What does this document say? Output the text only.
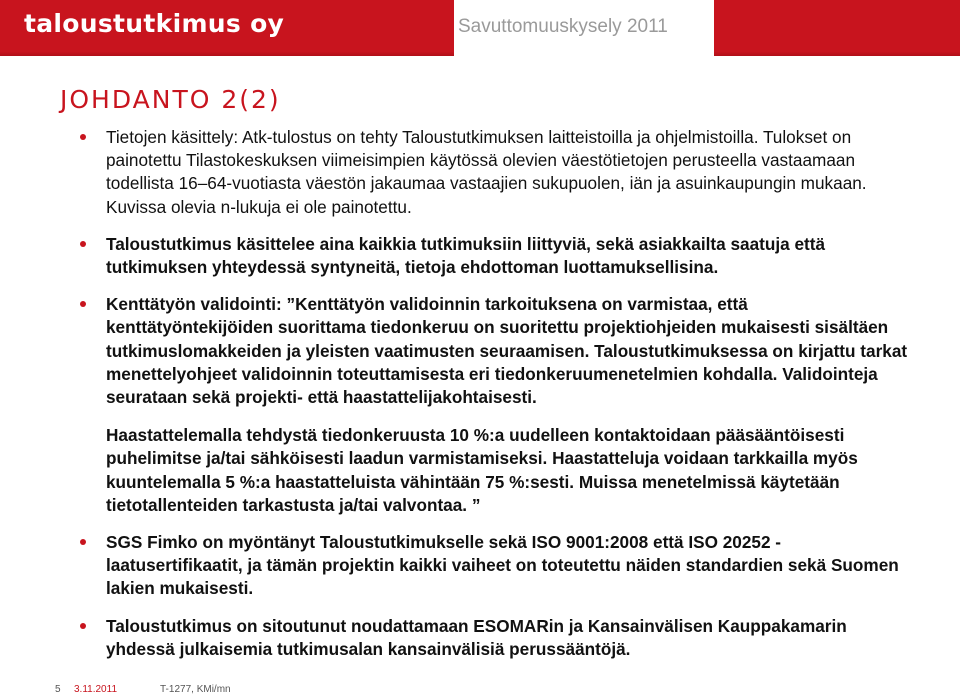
taloustutkimus oy	Savuttomuuskysely 2011
JOHDANTO 2(2)

Tietojen käsittely: Atk-tulostus on tehty Taloustutkimuksen laitteistoilla ja ohjelmistoilla. Tulokset on painotettu Tilastokeskuksen viimeisimpien käytössä olevien väestötietojen perusteella vastaamaan todellista 16–64-vuotiasta väestön jakaumaa vastaajien sukupuolen, iän ja asuinkaupungin mukaan. Kuvissa olevia n-lukuja ei ole painotettu.

Taloustutkimus käsittelee aina kaikkia tutkimuksiin liittyviä, sekä asiakkailta saatuja että tutkimuksen yhteydessä syntyneitä, tietoja ehdottoman luottamuksellisina.

Kenttätyön validointi: ”Kenttätyön validoinnin tarkoituksena on varmistaa, että kenttätyöntekijöiden suorittama tiedonkeruu on suoritettu projektiohjeiden mukaisesti sisältäen tutkimuslomakkeiden ja yleisten vaatimusten seuraamisen. Taloustutkimuksessa on kirjattu tarkat menettelyohjeet validoinnin toteuttamisesta eri tiedonkeruumenetelmien kohdalla. Validointeja seurataan sekä projekti- että haastattelijakohtaisesti.

Haastattelemalla tehdystä tiedonkeruusta 10 %:a uudelleen kontaktoidaan pääsääntöisesti puhelimitse ja/tai sähköisesti laadun varmistamiseksi. Haastatteluja voidaan tarkkailla myös kuuntelemalla 5 %:a haastatteluista vähintään 75 %:sesti. Muissa menetelmissä käytetään tietotallenteiden tarkastusta ja/tai valvontaa. ”

SGS Fimko on myöntänyt Taloustutkimukselle sekä ISO 9001:2008 että ISO 20252 -laatusertifikaatit, ja tämän projektin kaikki vaiheet on toteutettu näiden standardien sekä Suomen lakien mukaisesti.

Taloustutkimus on sitoutunut noudattamaan ESOMARin ja Kansainvälisen Kauppakamarin yhdessä julkaisemia tutkimusalan kansainvälisiä perussääntöjä.

5 3.11.2011	T-1277, KMi/mn
